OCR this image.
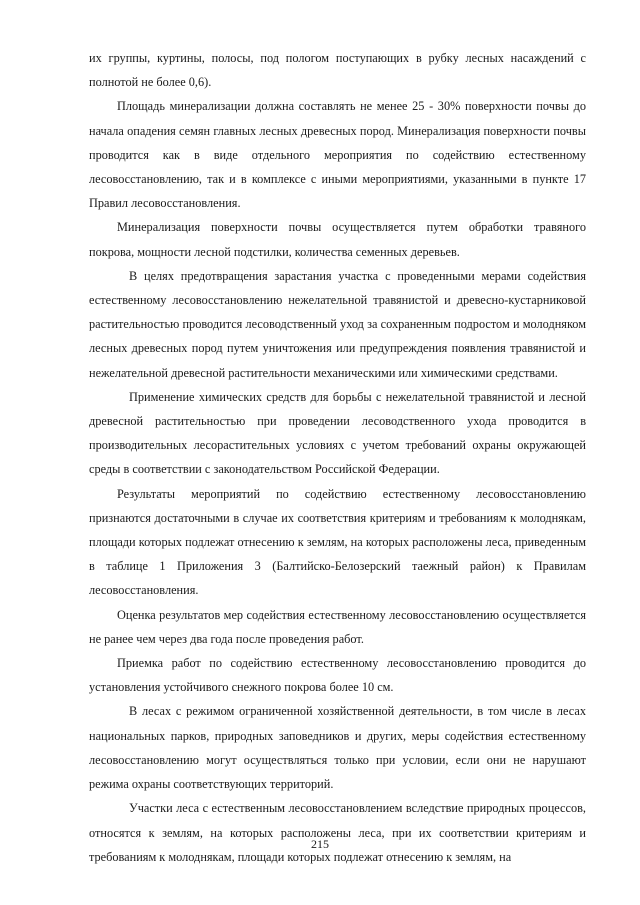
их группы, куртины, полосы, под пологом поступающих в рубку лесных насаждений с полнотой не более 0,6).

Площадь минерализации должна составлять не менее 25 - 30% поверхности почвы до начала опадения семян главных лесных древесных пород. Минерализация поверхности почвы проводится как в виде отдельного мероприятия по содействию естественному лесовосстановлению, так и в комплексе с иными мероприятиями, указанными в пункте 17 Правил лесовосстановления.

Минерализация поверхности почвы осуществляется путем обработки травяного покрова, мощности лесной подстилки, количества семенных деревьев.

В целях предотвращения зарастания участка с проведенными мерами содействия естественному лесовосстановлению нежелательной травянистой и древесно-кустарниковой растительностью проводится лесоводственный уход за сохраненным подростом и молодняком лесных древесных пород путем уничтожения или предупреждения появления травянистой и нежелательной древесной растительности механическими или химическими средствами.

Применение химических средств для борьбы с нежелательной травянистой и лесной древесной растительностью при проведении лесоводственного ухода проводится в производительных лесорастительных условиях с учетом требований охраны окружающей среды в соответствии с законодательством Российской Федерации.

Результаты мероприятий по содействию естественному лесовосстановлению признаются достаточными в случае их соответствия критериям и требованиям к молоднякам, площади которых подлежат отнесению к землям, на которых расположены леса, приведенным в таблице 1 Приложения 3 (Балтийско-Белозерский таежный район) к Правилам лесовосстановления.

Оценка результатов мер содействия естественному лесовосстановлению осуществляется не ранее чем через два года после проведения работ.

Приемка работ по содействию естественному лесовосстановлению проводится до установления устойчивого снежного покрова более 10 см.

В лесах с режимом ограниченной хозяйственной деятельности, в том числе в лесах национальных парков, природных заповедников и других, меры содействия естественному лесовосстановлению могут осуществляться только при условии, если они не нарушают режима охраны соответствующих территорий.

Участки леса с естественным лесовосстановлением вследствие природных процессов, относятся к землям, на которых расположены леса, при их соответствии критериям и требованиям к молоднякам, площади которых подлежат отнесению к землям, на

215
